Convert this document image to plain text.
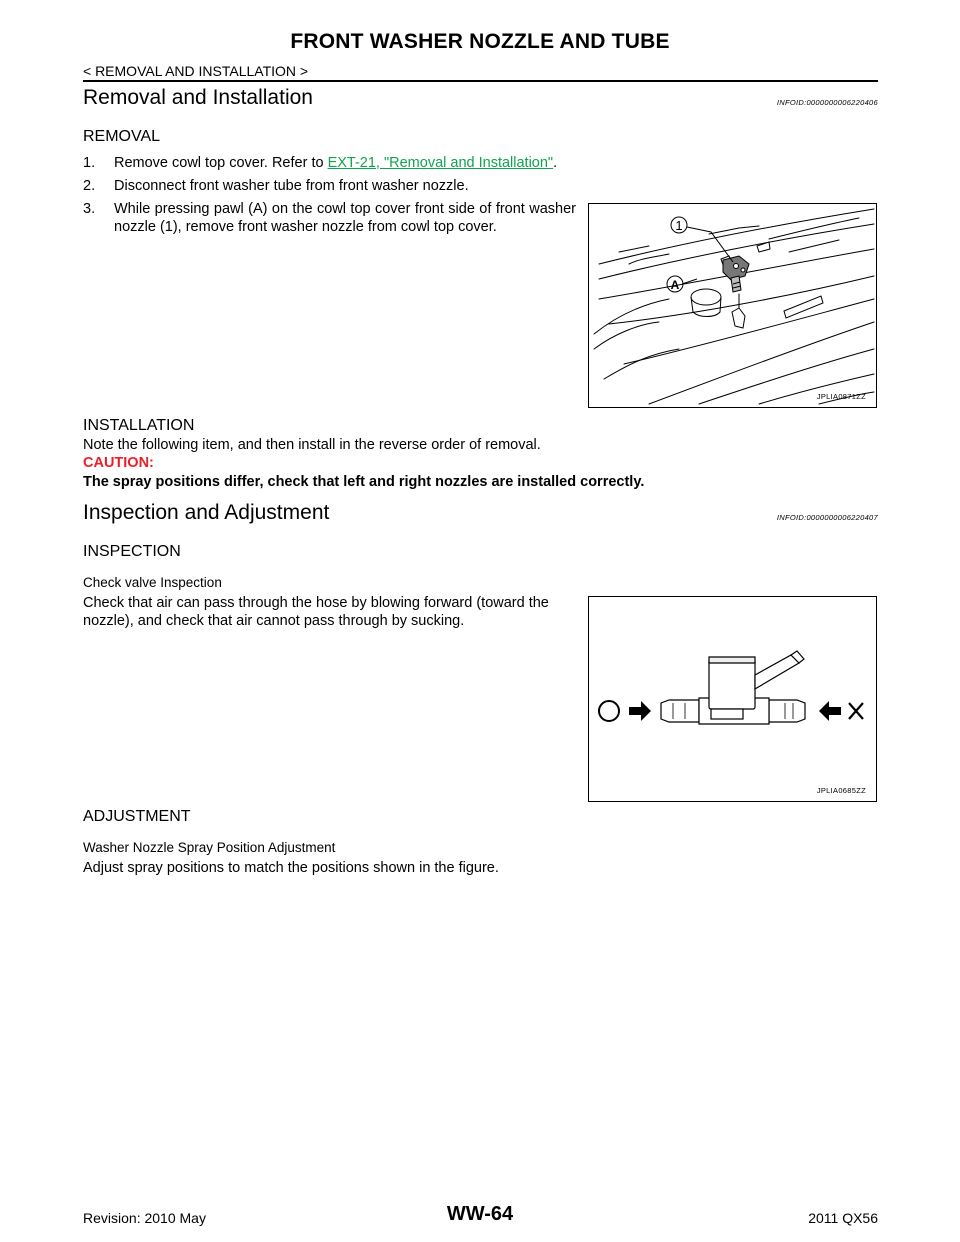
FRONT WASHER NOZZLE AND TUBE
< REMOVAL AND INSTALLATION >
Removal and Installation	INFOID:0000000006220406
REMOVAL
1. Remove cowl top cover. Refer to EXT-21, "Removal and Installation".
2. Disconnect front washer tube from front washer nozzle.
3. While pressing pawl (A) on the cowl top cover front side of front washer nozzle (1), remove front washer nozzle from cowl top cover.	1
A
JPLIA0871ZZ
INSTALLATION
Note the following item, and then install in the reverse order of removal.
CAUTION:
The spray positions differ, check that left and right nozzles are installed correctly.
Inspection and Adjustment	INFOID:0000000006220407
INSPECTION
Check valve Inspection
Check that air can pass through the hose by blowing forward (toward the nozzle), and check that air cannot pass through by sucking.
JPLIA0685ZZ
ADJUSTMENT
Washer Nozzle Spray Position Adjustment
Adjust spray positions to match the positions shown in the figure.
Revision: 2010 May	WW-64	2011 QX56
